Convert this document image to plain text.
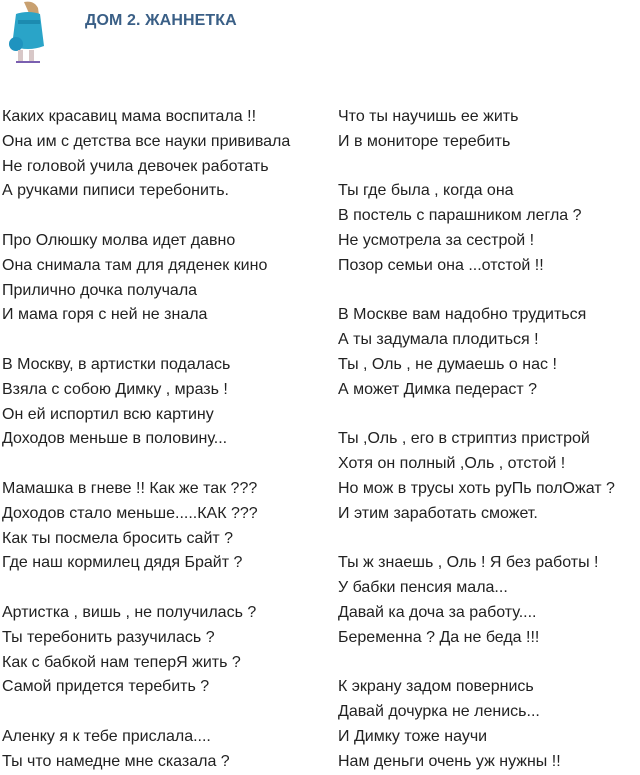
ДОМ 2. ЖАННЕТКА
Каких красавиц мама воспитала !!
Она им с детства все науки прививала
Не головой учила девочек работать
А ручками пиписи теребонить.
Про Олюшку молва идет давно
Она снимала там для дяденек кино
Прилично дочка получала
И мама горя с ней не знала
В Москву, в артистки подалась
Взяла с собою Димку , мразь !
Он ей испортил всю картину
Доходов меньше в половину...
Мамашка в гневе !! Как же так ???
Доходов стало меньше.....КАК ???
Как ты посмела бросить сайт ?
Где наш кормилец дядя Брайт ?
Артистка , вишь , не получилась ?
Ты теребонить разучилась ?
Как с бабкой нам теперЯ жить ?
Самой придется теребить ?
Аленку я к тебе прислала....
Ты что намедне мне сказала ?
Что ты научишь ее жить
И в мониторе теребить
Ты где была , когда она
В постель с парашником легла ?
Не усмотрела за сестрой !
Позор семьи она ...отстой !!
В Москве вам надобно трудиться
А ты задумала плодиться !
Ты , Оль , не думаешь о нас !
А может Димка педераст ?
Ты ,Оль , его в стриптиз пристрой
Хотя он полный ,Оль , отстой !
Но мож в трусы хоть руПь полОжат ?
И этим заработать сможет.
Ты ж знаешь , Оль ! Я без работы !
У бабки пенсия мала...
Давай ка доча за работу....
Беременна ? Да не беда !!!
К экрану задом повернись
Давай дочурка не ленись...
И Димку тоже научи
Нам деньги очень уж нужны !!
